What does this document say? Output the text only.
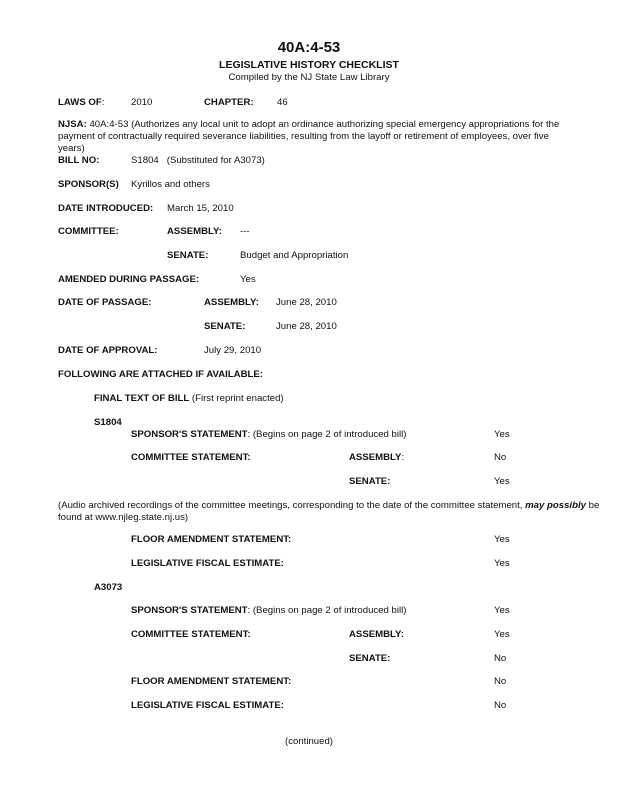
40A:4-53
LEGISLATIVE HISTORY CHECKLIST
Compiled by the NJ State Law Library
LAWS OF:	2010	CHAPTER: 46
NJSA: 40A:4-53 (Authorizes any local unit to adopt an ordinance authorizing special emergency appropriations for the payment of contractually required severance liabilities, resulting from the layoff or retirement of employees, over five years)
BILL NO:	S1804 (Substituted for A3073)
SPONSOR(S) Kyrillos and others
DATE INTRODUCED: March 15, 2010
COMMITTEE:	ASSEMBLY: ---
SENATE:	Budget and Appropriation
AMENDED DURING PASSAGE:	Yes
DATE OF PASSAGE:	ASSEMBLY: June 28, 2010
SENATE:	June 28, 2010
DATE OF APPROVAL:	July 29, 2010
FOLLOWING ARE ATTACHED IF AVAILABLE:
FINAL TEXT OF BILL (First reprint enacted)
S1804
SPONSOR'S STATEMENT: (Begins on page 2 of introduced bill)	Yes
COMMITTEE STATEMENT:	ASSEMBLY:	No
SENATE:	Yes
(Audio archived recordings of the committee meetings, corresponding to the date of the committee statement, may possibly be found at www.njleg.state.nj.us)
FLOOR AMENDMENT STATEMENT:	Yes
LEGISLATIVE FISCAL ESTIMATE:	Yes
A3073
SPONSOR'S STATEMENT: (Begins on page 2 of introduced bill)	Yes
COMMITTEE STATEMENT:	ASSEMBLY:	Yes
SENATE:	No
FLOOR AMENDMENT STATEMENT:	No
LEGISLATIVE FISCAL ESTIMATE:	No
(continued)
